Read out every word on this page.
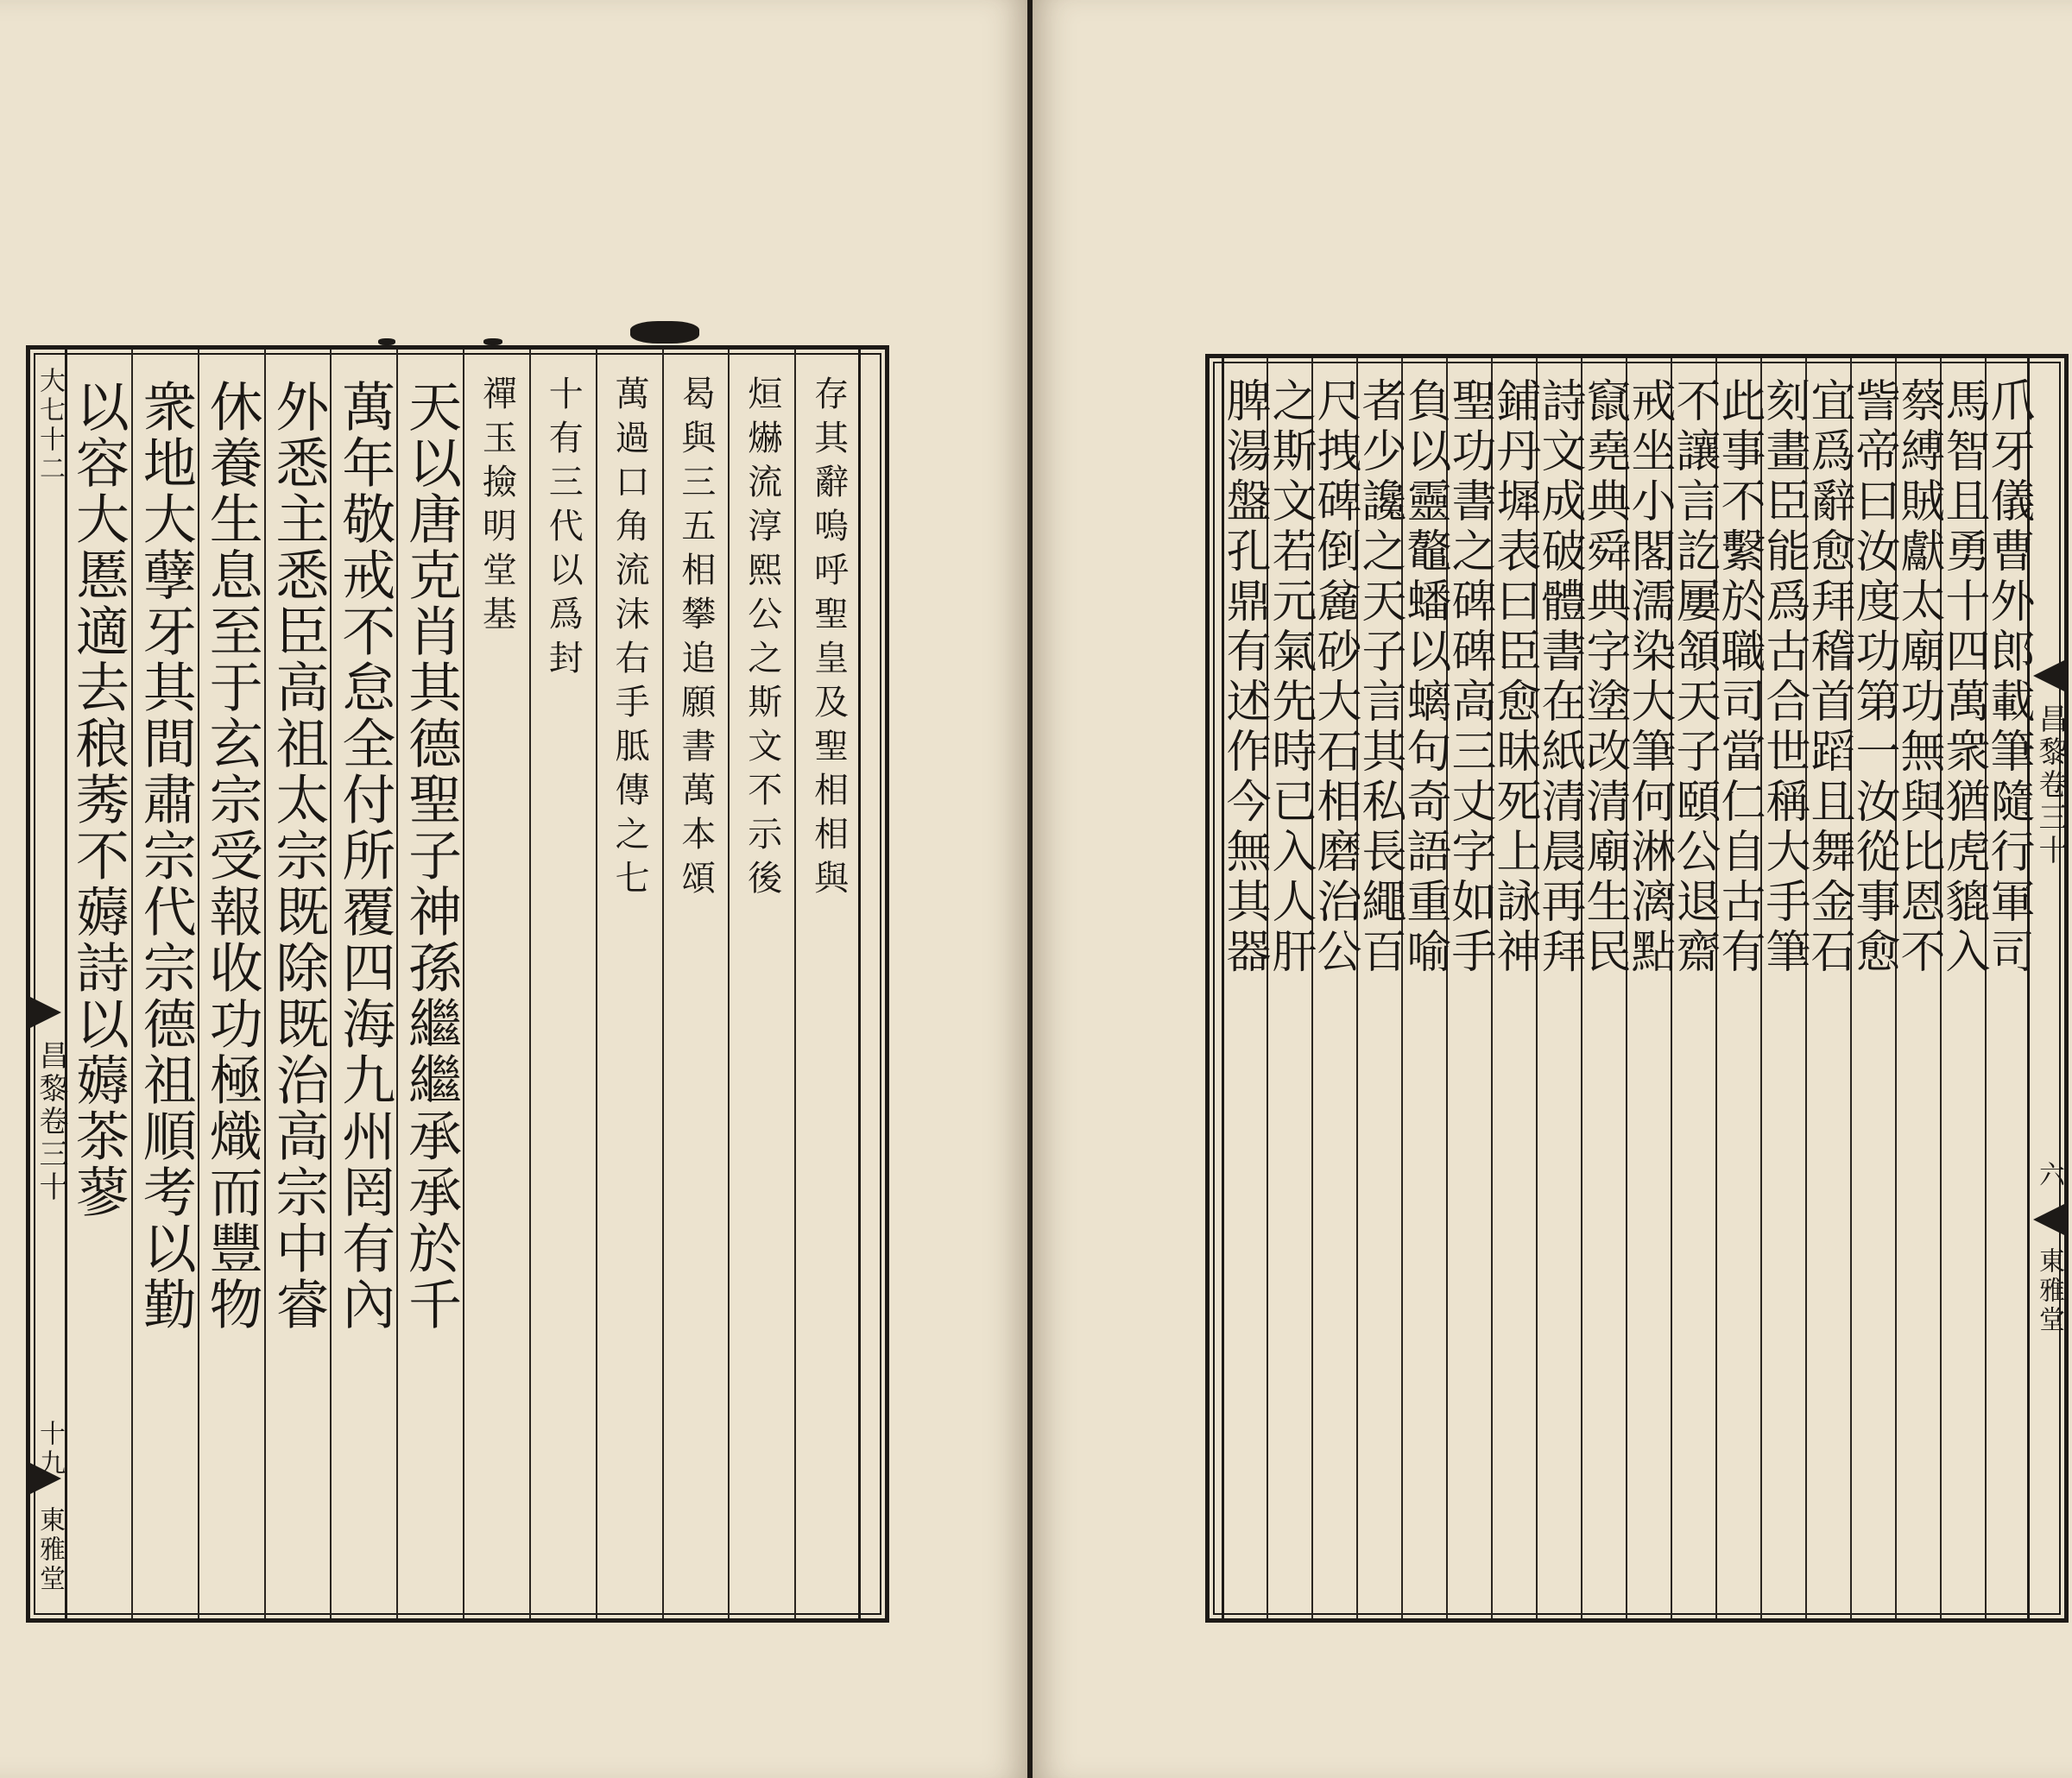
大七十二
昌黎卷三十
十九
東雅堂
存其辭嗚呼聖皇及聖相相與
烜爀流淳熙公之斯文不示後
曷與三五相攀追願書萬本頌
萬過口角流沫右手胝傳之七
十有三代以爲封
禪玉撿明堂基
天以唐克肖其德聖子神孫繼繼承承於千
萬年敬戒不怠全付所覆四海九州罔有內
外悉主悉臣高祖太宗既除既治高宗中睿
休養生息至于玄宗受報收功極熾而豐物
衆地大孽牙其間肅宗代宗德祖順考以勤
以容大慝適去稂莠不薅詩以薅茶蓼	爪牙儀曹外郎載筆隨行軍司
馬智且勇十四萬衆猶虎貔入
蔡縛賊獻太廟功無與比恩不
訾帝曰汝度功第一汝從事愈
宜爲辭愈拜稽首蹈且舞金石
刻畫臣能爲古合世稱大手筆
此事不繫於職司當仁自古有
不讓言訖屢頷天子頤公退齋
戒坐小閣濡染大筆何淋漓點
竄堯典舜典字塗改清廟生民
詩文成破體書在紙清晨再拜
鋪丹墀表曰臣愈昧死上詠神
聖功書之碑碑高三丈字如手
負以靈鼇蟠以螭句奇語重喻
者少讒之天子言其私長繩百
尺拽碑倒麄砂大石相磨治公
之斯文若元氣先時已入人肝
脾湯盤孔鼎有述作今無其器	昌黎卷三十
六
東雅堂
